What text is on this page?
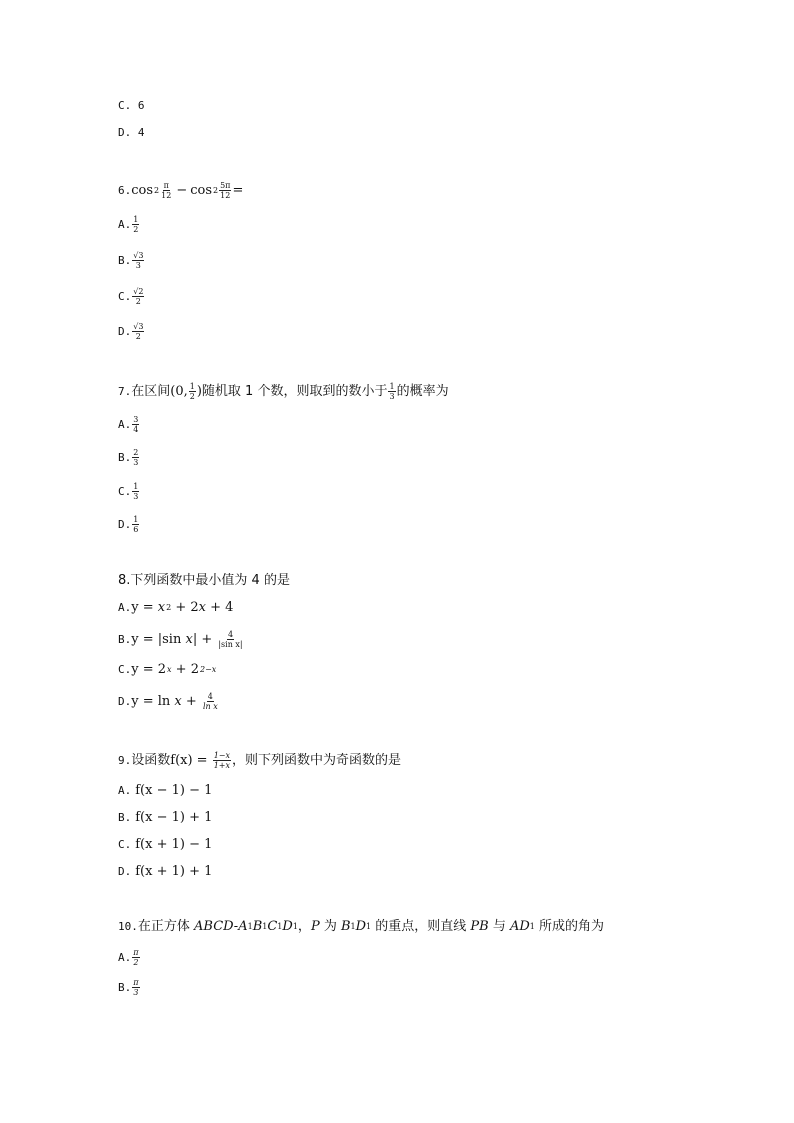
C. 6
D. 4
6. $\cos 2 \frac{\pi}{12} - \cos 2 \frac{5\pi}{12}$ =
A. $\frac{1}{2}$
B. $\frac{√3}{3}$
C. $\frac{√2}{2}$
D. $\frac{√3}{2}$
7. 在区间 (0, $\frac{1}{2}$ ) 随机取 1 个数，则取到的数小于 $\frac{1}{3}$ 的概率为
A. $\frac{3}{4}$
B. $\frac{2}{3}$
C. $\frac{1}{3}$
D. $\frac{1}{6}$
8.下列函数中最小值为 4 的是
A. y = x 2 + 2 x + 4
B. y = |sin x | + $\frac{4}{\text{|sin x|}}$
C. y = 2 x + 2 2−x
D. $y = \ln x + \frac{4}{\text{ln x}}$
9. 设函数 $f(x) = \frac{1-x}{1+x}$ ，则下列函数中为奇函数的是
A. f(x − 1) − 1
B. f(x − 1) + 1
C. f(x + 1) − 1
D. f(x + 1) + 1
10. 在正方体 ABCD-A 1 B 1 C 1 D 1 ， P 为 B 1 D 1 的重点，则直线 PB 与 AD 1 所成的角为
A. $\frac{\pi}{2}$
B. $\frac{\pi}{3}$
